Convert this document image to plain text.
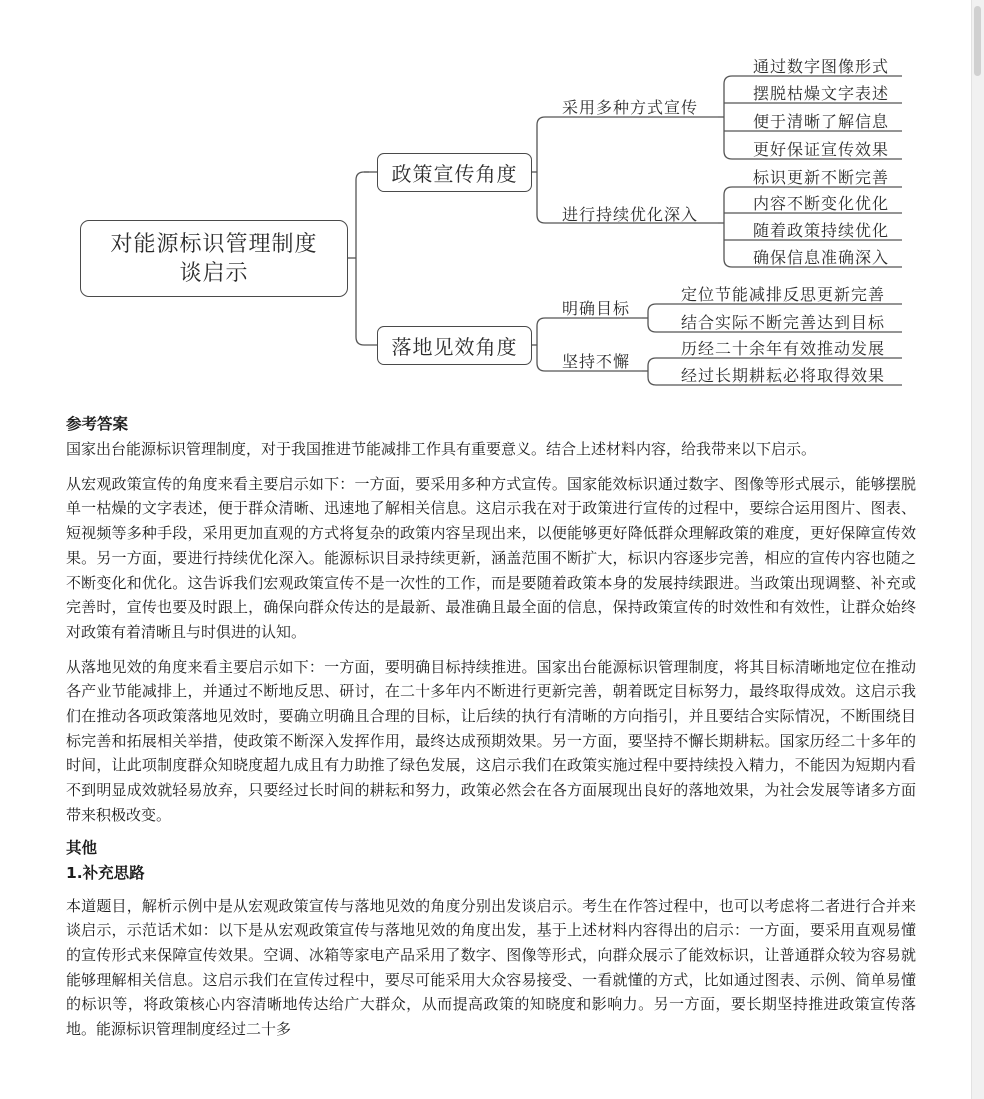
对能源标识管理制度
谈启示
政策宣传角度
落地见效角度
采用多种方式宣传
进行持续优化深入
明确目标
坚持不懈
通过数字图像形式
摆脱枯燥文字表述
便于清晰了解信息
更好保证宣传效果
标识更新不断完善
内容不断变化优化
随着政策持续优化
确保信息准确深入
定位节能减排反思更新完善
结合实际不断完善达到目标
历经二十余年有效推动发展
经过长期耕耘必将取得效果

参考答案

国家出台能源标识管理制度，对于我国推进节能减排工作具有重要意义。结合上述材料内容，给我带来以下启示。

从宏观政策宣传的角度来看主要启示如下：一方面，要采用多种方式宣传。国家能效标识通过数字、图像等形式展示，能够摆脱单一枯燥的文字表述，便于群众清晰、迅速地了解相关信息。这启示我在对于政策进行宣传的过程中，要综合运用图片、图表、短视频等多种手段，采用更加直观的方式将复杂的政策内容呈现出来，以便能够更好降低群众理解政策的难度，更好保障宣传效果。另一方面，要进行持续优化深入。能源标识目录持续更新，涵盖范围不断扩大，标识内容逐步完善，相应的宣传内容也随之不断变化和优化。这告诉我们宏观政策宣传不是一次性的工作，而是要随着政策本身的发展持续跟进。当政策出现调整、补充或完善时，宣传也要及时跟上，确保向群众传达的是最新、最准确且最全面的信息，保持政策宣传的时效性和有效性，让群众始终对政策有着清晰且与时俱进的认知。

从落地见效的角度来看主要启示如下：一方面，要明确目标持续推进。国家出台能源标识管理制度，将其目标清晰地定位在推动各产业节能减排上，并通过不断地反思、研讨，在二十多年内不断进行更新完善，朝着既定目标努力，最终取得成效。这启示我们在推动各项政策落地见效时，要确立明确且合理的目标，让后续的执行有清晰的方向指引，并且要结合实际情况，不断围绕目标完善和拓展相关举措，使政策不断深入发挥作用，最终达成预期效果。另一方面，要坚持不懈长期耕耘。国家历经二十多年的时间，让此项制度群众知晓度超九成且有力助推了绿色发展，这启示我们在政策实施过程中要持续投入精力，不能因为短期内看不到明显成效就轻易放弃，只要经过长时间的耕耘和努力，政策必然会在各方面展现出良好的落地效果，为社会发展等诸多方面带来积极改变。

其他

1.补充思路

本道题目，解析示例中是从宏观政策宣传与落地见效的角度分别出发谈启示。考生在作答过程中，也可以考虑将二者进行合并来谈启示，示范话术如：以下是从宏观政策宣传与落地见效的角度出发，基于上述材料内容得出的启示：一方面，要采用直观易懂的宣传形式来保障宣传效果。空调、冰箱等家电产品采用了数字、图像等形式，向群众展示了能效标识，让普通群众较为容易就能够理解相关信息。这启示我们在宣传过程中，要尽可能采用大众容易接受、一看就懂的方式，比如通过图表、示例、简单易懂的标识等，将政策核心内容清晰地传达给广大群众，从而提高政策的知晓度和影响力。另一方面，要长期坚持推进政策宣传落地。能源标识管理制度经过二十多
